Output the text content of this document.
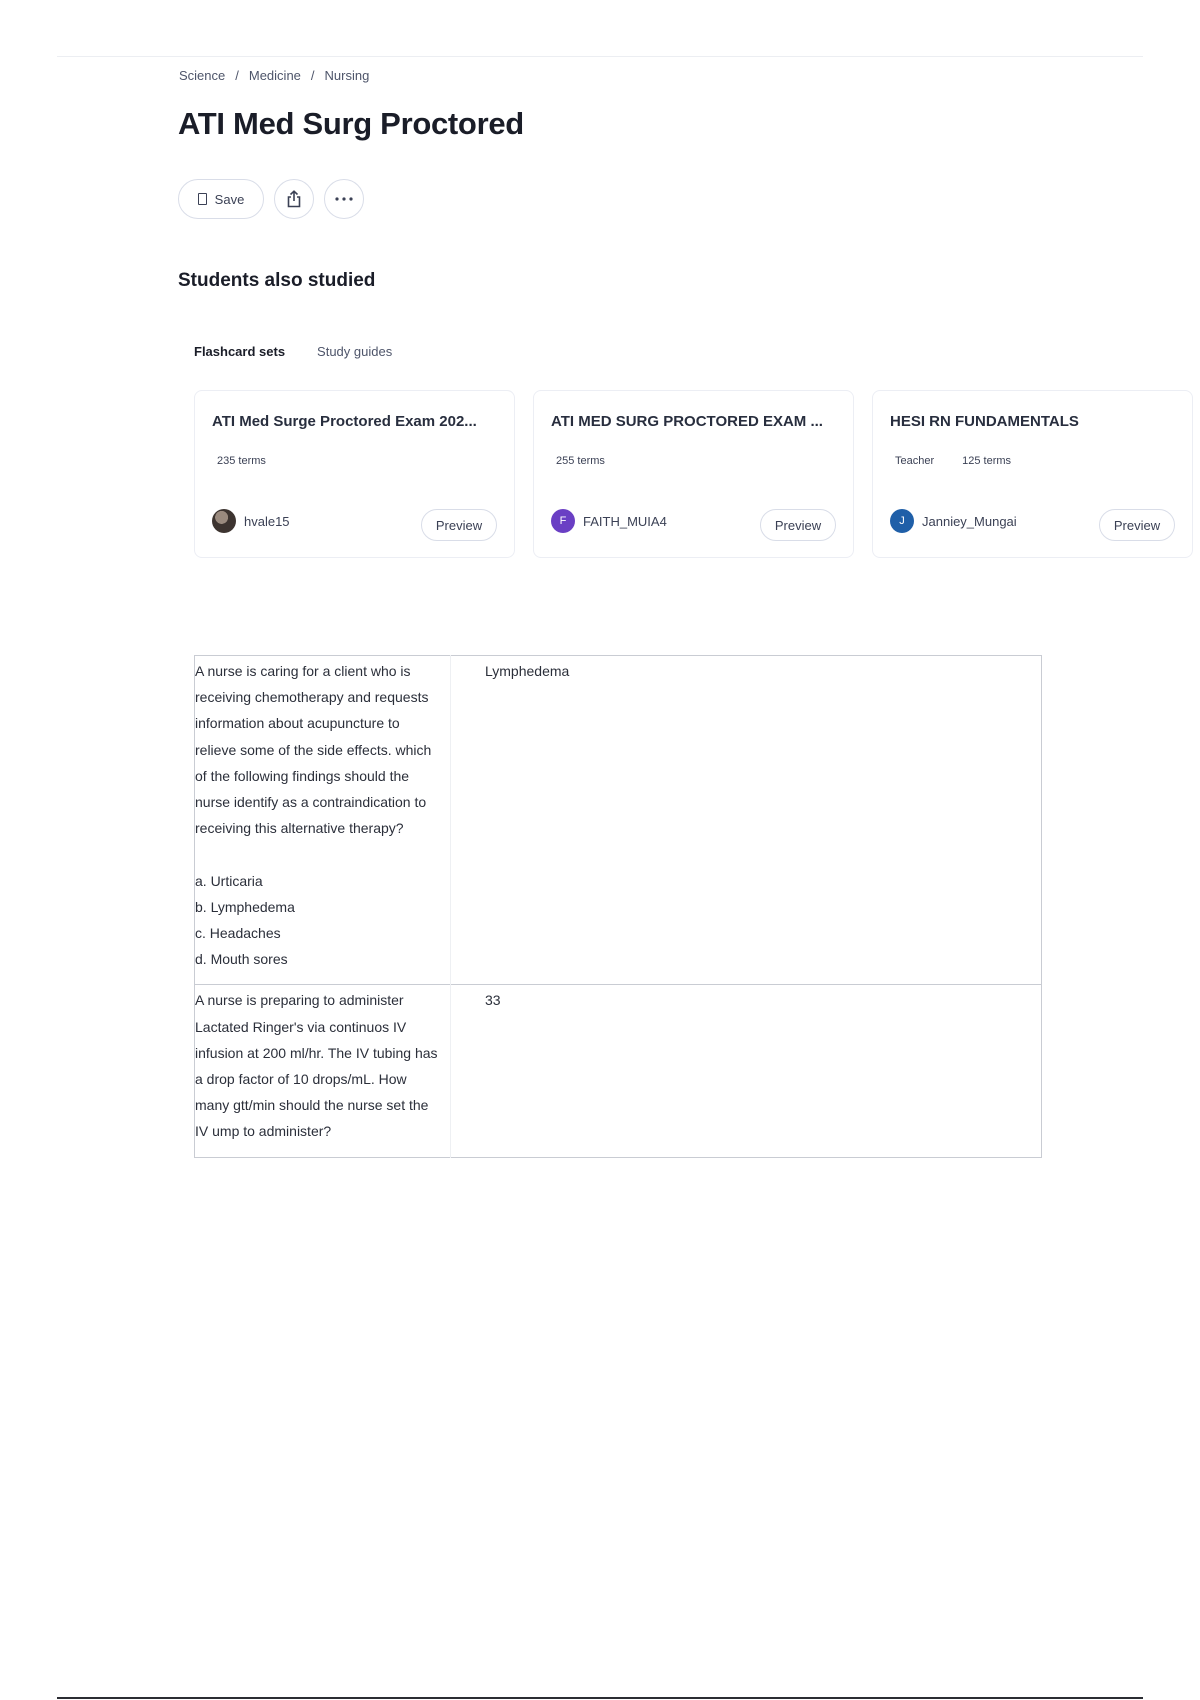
Science / Medicine / Nursing
ATI Med Surg Proctored
Save
Students also studied
Flashcard sets Study guides
ATI Med Surge Proctored Exam 202...
235 terms
hvale15	Preview
ATI MED SURG PROCTORED EXAM ...
255 terms
F	FAITH_MUIA4	Preview
HESI RN FUNDAMENTALS
Teacher	125 terms
J	Janniey_Mungai	Preview
A nurse is caring for a client who is receiving chemotherapy and requests information about acupuncture to relieve some of the side effects. which of the following findings should the nurse identify as a contraindication to receiving this alternative therapy?

a. Urticaria
b. Lymphedema
c. Headaches
d. Mouth sores	Lymphedema
A nurse is preparing to administer Lactated Ringer's via continuos IV infusion at 200 ml/hr. The IV tubing has a drop factor of 10 drops/mL. How many gtt/min should the nurse set the IV ump to administer?	33
